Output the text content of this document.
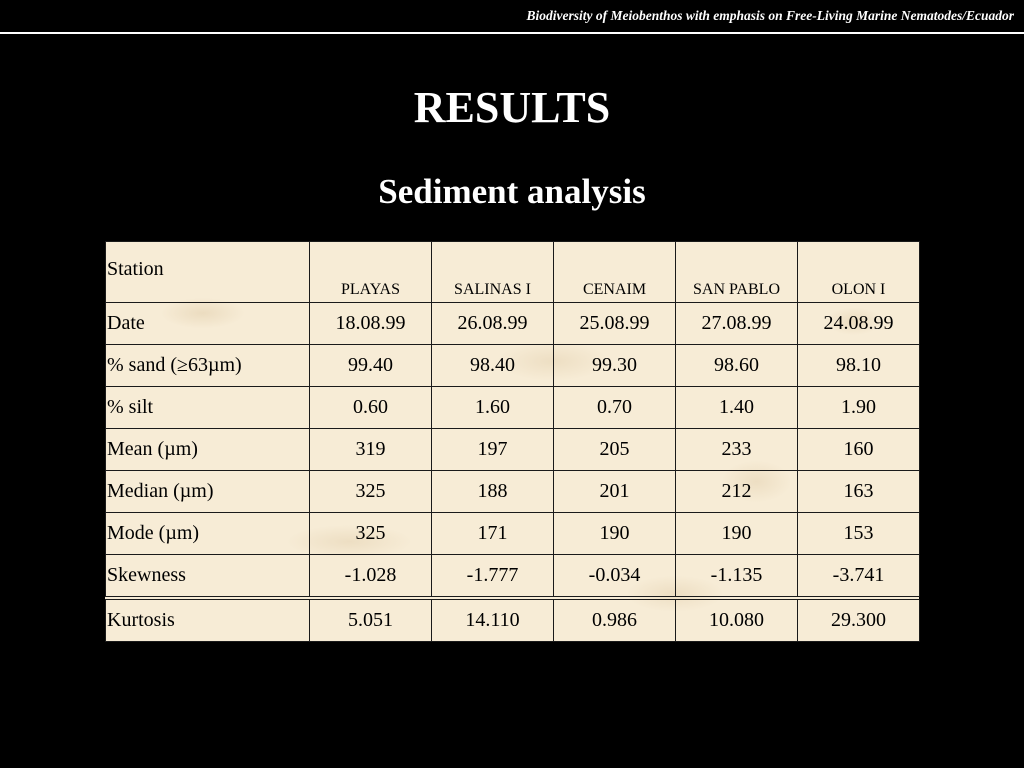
Biodiversity of Meiobenthos with emphasis on Free-Living Marine Nematodes/Ecuador
RESULTS
Sediment analysis
Station	PLAYAS	SALINAS I	CENAIM	SAN PABLO	OLON I
Date	18.08.99	26.08.99	25.08.99	27.08.99	24.08.99
% sand (≥63µm)	99.40	98.40	99.30	98.60	98.10
% silt	0.60	1.60	0.70	1.40	1.90
Mean (µm)	319	197	205	233	160
Median (µm)	325	188	201	212	163
Mode (µm)	325	171	190	190	153
Skewness	-1.028	-1.777	-0.034	-1.135	-3.741
Kurtosis	5.051	14.110	0.986	10.080	29.300
